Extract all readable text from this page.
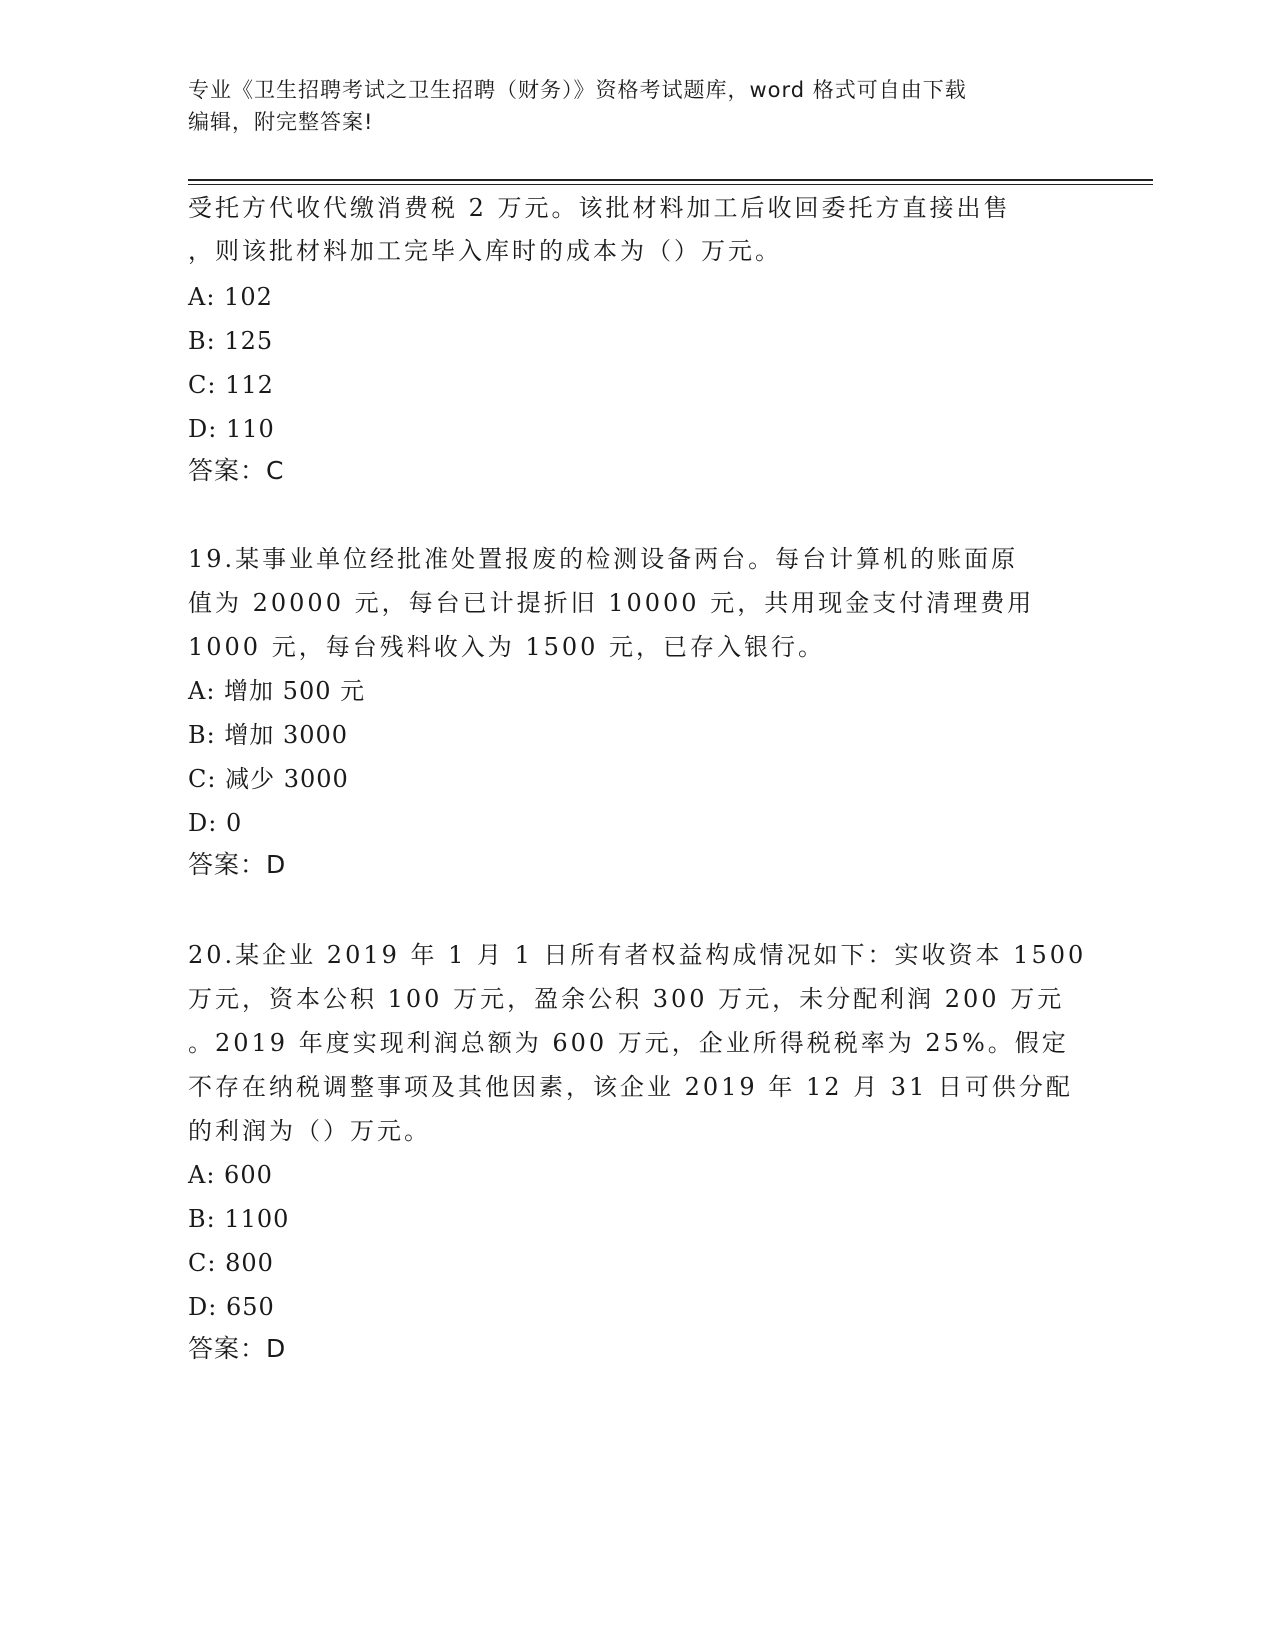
专业《卫生招聘考试之卫生招聘（财务）》资格考试题库，word 格式可自由下载
编辑，附完整答案!
受托方代收代缴消费税 2 万元。该批材料加工后收回委托方直接出售
，则该批材料加工完毕入库时的成本为（）万元。
A: 102
B: 125
C: 112
D: 110
答案：C
19.某事业单位经批准处置报废的检测设备两台。每台计算机的账面原
值为 20000 元，每台已计提折旧 10000 元，共用现金支付清理费用
1000 元，每台残料收入为 1500 元，已存入银行。
A: 增加 500 元
B: 增加 3000
C: 减少 3000
D: 0
答案：D
20.某企业 2019 年 1 月 1 日所有者权益构成情况如下：实收资本 1500
万元，资本公积 100 万元，盈余公积 300 万元，未分配利润 200 万元
。2019 年度实现利润总额为 600 万元，企业所得税税率为 25%。假定
不存在纳税调整事项及其他因素，该企业 2019 年 12 月 31 日可供分配
的利润为（）万元。
A: 600
B: 1100
C: 800
D: 650
答案：D
